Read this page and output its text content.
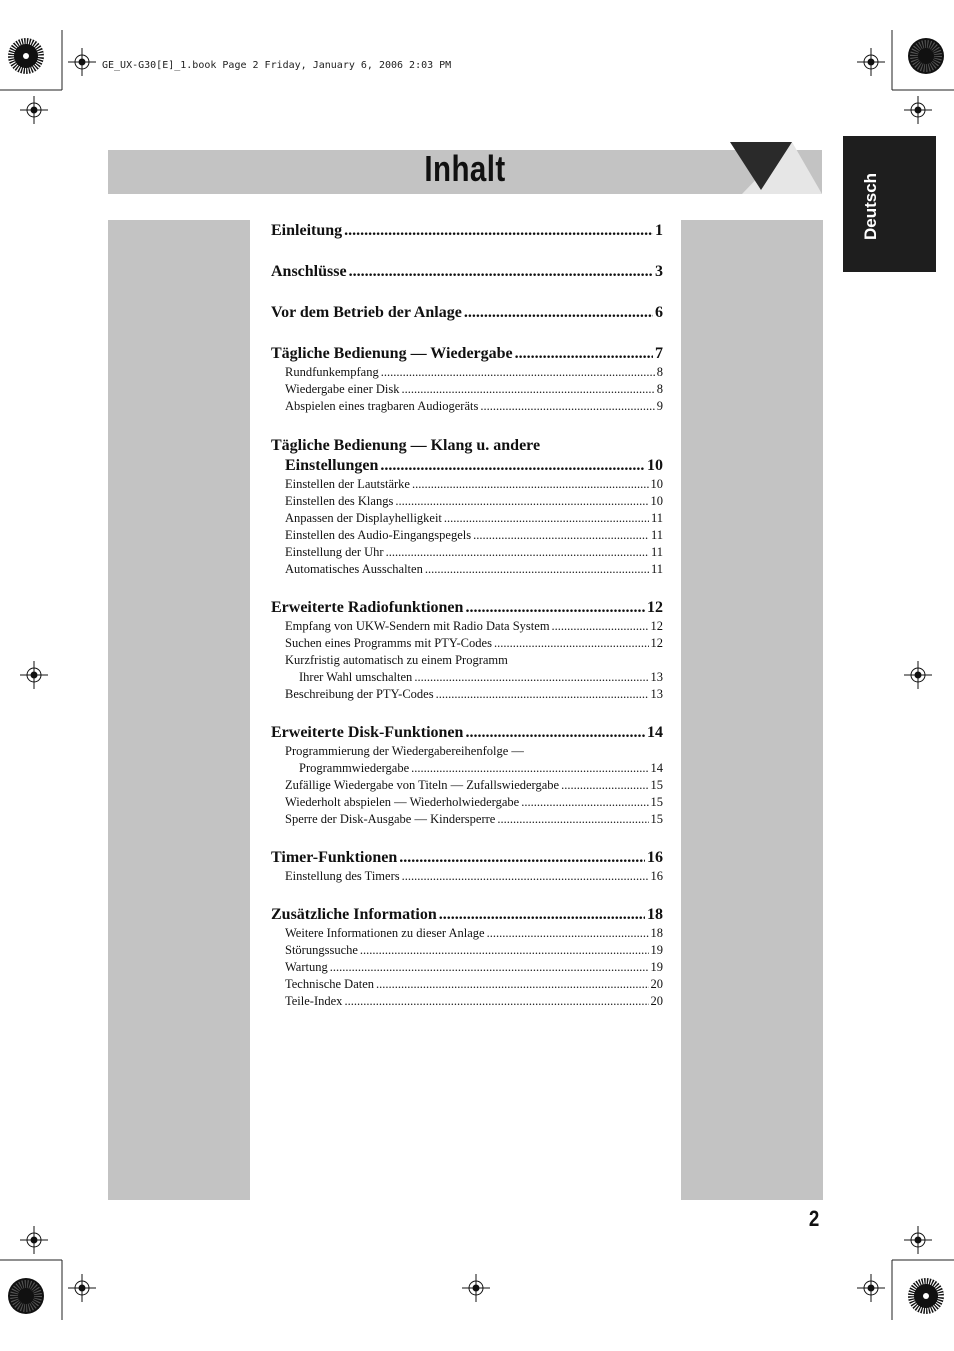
GE_UX-G30[E]_1.book Page 2 Friday, January 6, 2006 2:03 PM
Inhalt
Deutsch
Einleitung .....	1
Anschlüsse .....	3
Vor dem Betrieb der Anlage .....	6
Tägliche Bedienung — Wiedergabe .....	7
Rundfunkempfang .....	8
Wiedergabe einer Disk .....	8
Abspielen eines tragbaren Audiogeräts .....	9
Tägliche Bedienung — Klang u. andere
Einstellungen .....	10
Einstellen der Lautstärke .....	10
Einstellen des Klangs .....	10
Anpassen der Displayhelligkeit .....	11
Einstellen des Audio-Eingangspegels .....	11
Einstellung der Uhr .....	11
Automatisches Ausschalten .....	11
Erweiterte Radiofunktionen .....	12
Empfang von UKW-Sendern mit Radio Data System .....	12
Suchen eines Programms mit PTY-Codes .....	12
Kurzfristig automatisch zu einem Programm
Ihrer Wahl umschalten .....	13
Beschreibung der PTY-Codes .....	13
Erweiterte Disk-Funktionen .....	14
Programmierung der Wiedergabereihenfolge —
Programmwiedergabe .....	14
Zufällige Wiedergabe von Titeln — Zufallswiedergabe .....	15
Wiederholt abspielen — Wiederholwiedergabe .....	15
Sperre der Disk-Ausgabe — Kindersperre .....	15
Timer-Funktionen .....	16
Einstellung des Timers .....	16
Zusätzliche Information .....	18
Weitere Informationen zu dieser Anlage .....	18
Störungssuche .....	19
Wartung .....	19
Technische Daten .....	20
Teile-Index .....	20
2
